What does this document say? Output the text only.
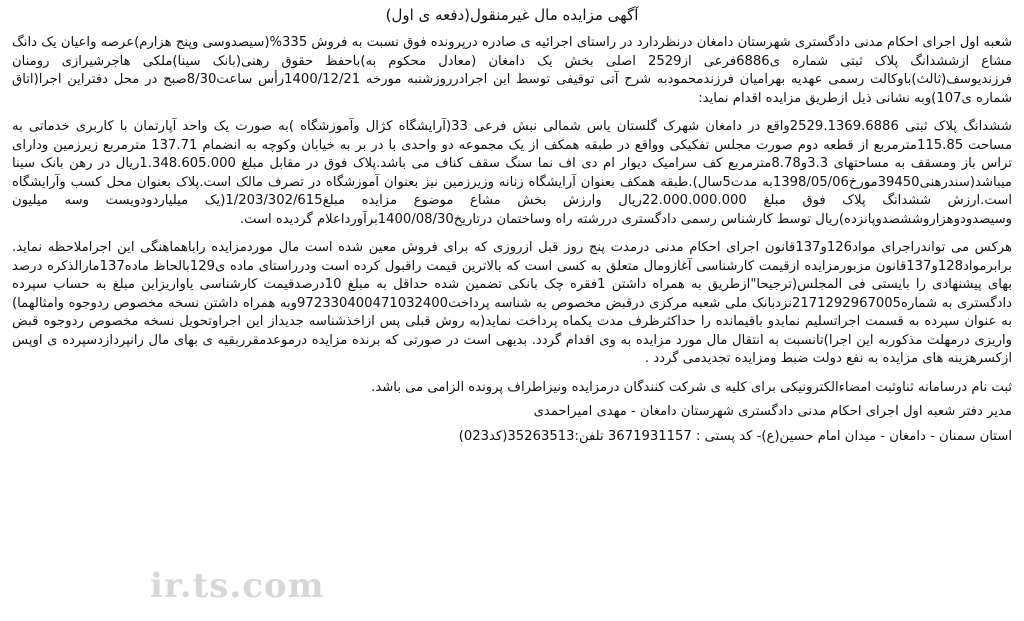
آگهی مزایده مال غیرمنقول(دفعه ی اول)

شعبه اول اجرای احکام مدنی دادگستری شهرستان دامغان درنظردارد در راستای اجرائیه ی صادره درپرونده فوق نسبت به فروش 335%(سیصدوسی وپنج هزارم)عرصه واعیان یک دانگ مشاع ازششدانگ پلاک ثبتی شماره ی6886فرعی از2529 اصلی بخش یک دامغان (معادل محکوم به)باحفظ حقوق رهنی(بانک سینا)ملکی هاجرشیرازی رومنان فرزندیوسف(ثالث)باوکالت رسمی عهدیه بهرامیان فرزندمحمودبه شرح آتی توقیفی توسط این اجرادرروزشنبه مورخه 1400/12/21رأس ساعت8/30صبح در محل دفتراین اجرا(اتاق شماره ی107)وبه نشانی ذیل ازطریق مزایده اقدام نماید:

ششدانگ پلاک ثبتی 2529.1369.6886واقع در دامغان شهرک گلستان یاس شمالی نبش فرعی 33(آرایشگاه کژال وآموزشگاه )به صورت یک واحد آپارتمان با کاربری خدماتی به مساحت 115.85مترمربع از قطعه دوم صورت مجلس تفکیکی وواقع در طبقه همکف از یک مجموعه دو واحدی با در بر به خیابان وکوچه به انضمام 137.71 مترمربع زیرزمین ودارای تراس باز ومسقف به مساحتهای 3.3و8.78مترمربع کف سرامیک دیوار ام دی اف نما سنگ سقف کناف می باشد.پلاک فوق در مقابل مبلغ 1.348.605.000ریال در رهن بانک سینا میباشد(سندرهنی39450مورخ1398/05/06به مدت5سال).طبقه همکف بعنوان آرایشگاه زنانه وزیرزمین نیز بعنوان آموزشگاه در تصرف مالک است.پلاک بعنوان محل کسب وآرایشگاه است.ارزش ششدانگ پلاک فوق مبلغ 22.000.000.000ریال وارزش بخش مشاع موضوع مزایده مبلغ1/203/302/615(یک میلیاردودویست وسه میلیون وسیصدودوهزاروششصدوپانزده)ریال توسط کارشناس رسمی دادگستری دررشته راه وساختمان درتاریخ1400/08/30برآورداعلام گردیده است.

هرکس می تواندراجرای مواد126و137قانون اجرای احکام مدنی درمدت پنج روز قبل ازروزی که برای فروش معین شده است مال موردمزایده راباهماهنگی این اجراملاحظه نماید. برابرمواد128و137قانون مزبورمزایده ازقیمت کارشناسی آغازومال متعلق به کسی است که بالاترین قیمت راقبول کرده است ودرراستای ماده ی129بالحاظ ماده137مارالذکره درصد بهای پیشنهادی را بایستی فی المجلس(ترجیحا"ازطریق به همراه داشتن 1فقره چک بانکی تضمین شده حداقل به مبلغ 10درصدقیمت کارشناسی یاواریزاین مبلغ به حساب سپرده دادگستری به شماره2171292967005نزدبانک ملی شعبه مرکزی درقبض مخصوص به شناسه پرداخت972330400471032400وبه همراه داشتن نسخه مخصوص ردوجوه وامثالهما) به عنوان سپرده به قسمت اجراتسلیم نمایدو باقیمانده را حداکثرظرف مدت یکماه پرداخت نماید(به روش قبلی پس ازاخذشناسه جدیداز این اجراوتحویل نسخه مخصوص ردوجوه قبض واریزی درمهلت مذکوربه این اجرا)تانسبت به انتقال مال مورد مزایده به وی اقدام گردد. بدیهی است در صورتی که برنده مزایده درموعدمقرربقیه ی بهای مال رانپردازدسپرده ی اوپس ازکسرهزینه های مزایده به نفع دولت ضبط ومزایده تجدیدمی گردد .

ثبت نام درسامانه ثناوثبت امضاءالکترونیکی برای کلیه ی شرکت کنندگان درمزایده ونیزاطراف پرونده الزامی می باشد.

مدیر دفتر شعبه اول اجرای احکام مدنی دادگستری شهرستان دامغان - مهدی امیراحمدی

استان سمنان - دامغان - میدان امام حسین(ع)- کد پستی : 3671931157 تلفن:35263513(کد023)

ir.ts.com
